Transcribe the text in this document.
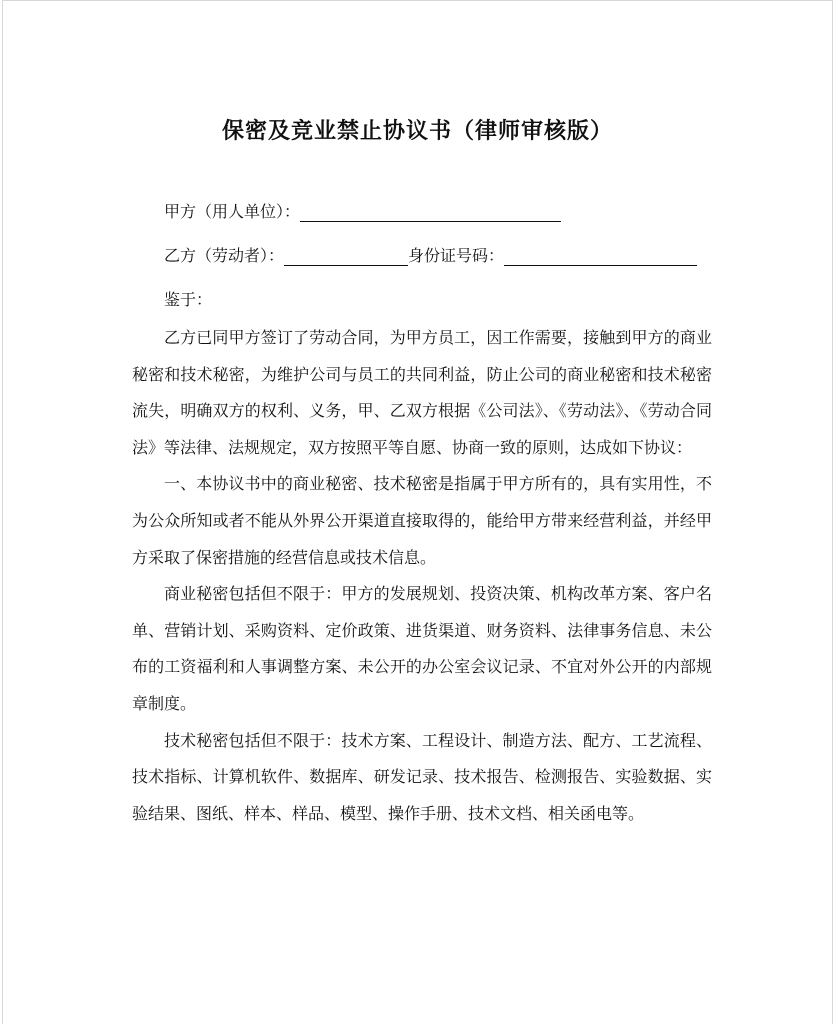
保密及竞业禁止协议书（律师审核版）
甲方（用人单位）：
乙方（劳动者）：	身份证号码：
鉴于：

乙方已同甲方签订了劳动合同，为甲方员工，因工作需要，接触到甲方的商业秘密和技术秘密，为维护公司与员工的共同利益，防止公司的商业秘密和技术秘密流失，明确双方的权利、义务，甲、乙双方根据《公司法》、《劳动法》、《劳动合同法》等法律、法规规定，双方按照平等自愿、协商一致的原则，达成如下协议：

一、本协议书中的商业秘密、技术秘密是指属于甲方所有的，具有实用性，不为公众所知或者不能从外界公开渠道直接取得的，能给甲方带来经营利益，并经甲方采取了保密措施的经营信息或技术信息。

商业秘密包括但不限于：甲方的发展规划、投资决策、机构改革方案、客户名单、营销计划、采购资料、定价政策、进货渠道、财务资料、法律事务信息、未公布的工资福利和人事调整方案、未公开的办公室会议记录、不宜对外公开的内部规章制度。

技术秘密包括但不限于：技术方案、工程设计、制造方法、配方、工艺流程、技术指标、计算机软件、数据库、研发记录、技术报告、检测报告、实验数据、实验结果、图纸、样本、样品、模型、操作手册、技术文档、相关函电等。
